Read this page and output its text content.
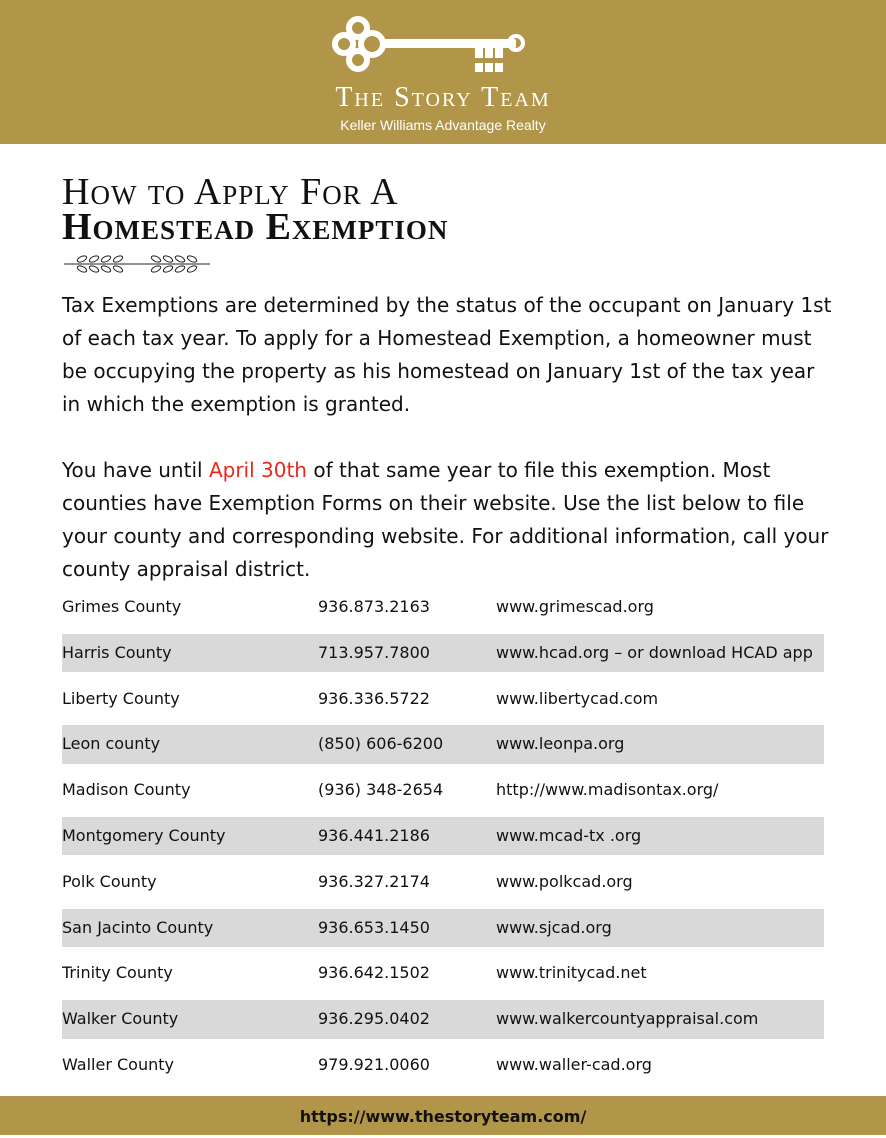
The Story Team
Keller Williams Advantage Realty
How to Apply For A
Homestead Exemption
Tax Exemptions are determined by the status of the occupant on January 1st of each tax year. To apply for a Homestead Exemption, a homeowner must be occupying the property as his homestead on January 1st of the tax year in which the exemption is granted.
You have until April 30th of that same year to file this exemption. Most counties have Exemption Forms on their website. Use the list below to file your county and corresponding website. For additional information, call your county appraisal district.
Grimes County	936.873.2163	www.grimescad.org
Harris County	713.957.7800	www.hcad.org – or download HCAD app
Liberty County	936.336.5722	www.libertycad.com
Leon county	(850) 606-6200	www.leonpa.org
Madison County	(936) 348-2654	http://www.madisontax.org/
Montgomery County	936.441.2186	www.mcad-tx .org
Polk County	936.327.2174	www.polkcad.org
San Jacinto County	936.653.1450	www.sjcad.org
Trinity County	936.642.1502	www.trinitycad.net
Walker County	936.295.0402	www.walkercountyappraisal.com
Waller County	979.921.0060	www.waller-cad.org
https://www.thestoryteam.com/
